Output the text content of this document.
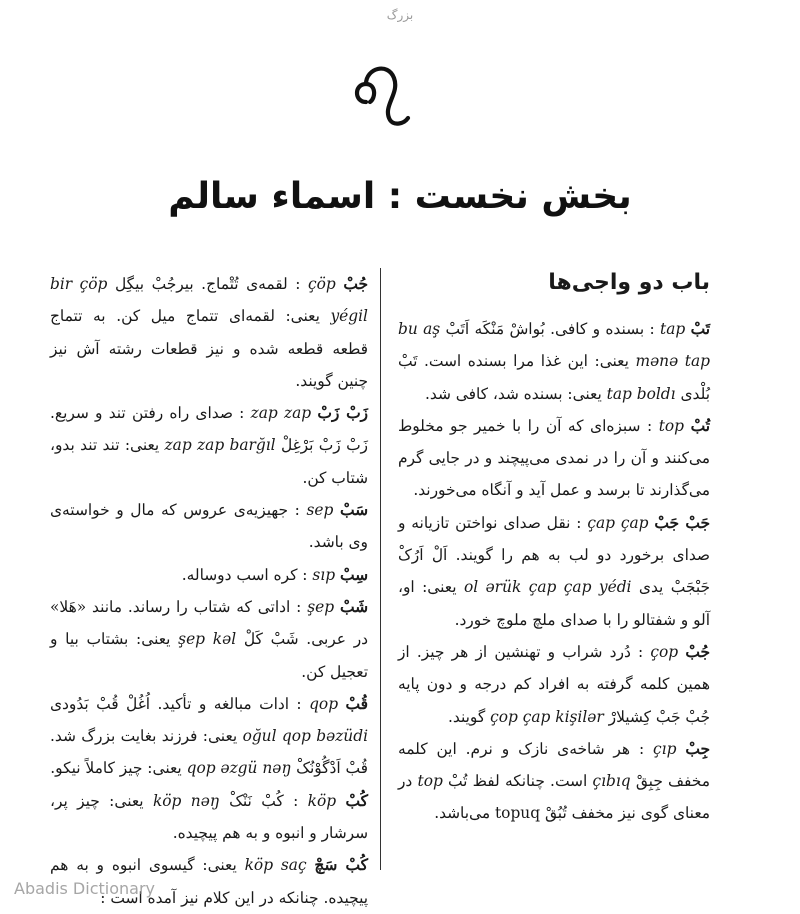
بزرگ
بخش نخست : اسماء سالم
باب دو واجی‌ها

تَبْ tap : بسنده و کافی. بُواشْ مَنْکَه اَتَبْ bu aş mənə tap یعنی: این غذا مرا بسنده است. تَبْ بُلْدی tap boldı یعنی: بسنده شد، کافی شد.

تُبْ top : سبزه‌ای که آن را با خمیر جو مخلوط می‌کنند و آن را در نمدی می‌پیچند و در جایی گرم می‌گذارند تا برسد و عمل آید و آنگاه می‌خورند.

جَبْ جَبْ çap çap : نقل صدای نواختن تازیانه و صدای برخورد دو لب به هم را گویند. اَلْ اَرُکْ جَبْجَبْ یدی ol ərük çap çap yédi یعنی: او، آلو و شفتالو را با صدای ملچ ملوچ خورد.

جُبْ çop : دُرد شراب و تهنشین از هر چیز. از همین کلمه گرفته به افراد کم درجه و دون پایه جُبْ جَبْ کِشیلارْ çop çap kişilər گویند.

جِبْ çıp : هر شاخه‌ی نازک و نرم. این کلمه مخفف جِبِقْ çıbıq است. چنانکه لفظ تُبْ top در معنای گوی نیز مخفف تُبُقْ topuq می‌باشد.

جُبْ çöp : لقمه‌ی تُتْماج. بیرجُبْ بیگِل bir çöp yégil یعنی: لقمه‌ای تتماج میل کن. به تتماج قطعه قطعه شده و نیز قطعات رشته آش نیز چنین گویند.

زَبْ زَبْ zap zap : صدای راه رفتن تند و سریع. زَبْ زَبْ بَرْغِلْ zap zap barğıl یعنی: تند تند بدو، شتاب کن.

سَبْ sep : جهیزیه‌ی عروس که مال و خواسته‌ی وی باشد.

سِبْ sıp : کره اسب دوساله.

شَبْ şep : اداتی که شتاب را رساند. مانند «هَلا» در عربی. شَبْ کَلْ şep kəl یعنی: بشتاب بیا و تعجیل کن.

قُبْ qop : ادات مبالغه و تأکید. اُغُلْ قُبْ بَدُودی oğul qop bəzüdi یعنی: فرزند بغایت بزرگ شد. قُبْ اَدْگُوْنُکْ qop əzgü nəŋ یعنی: چیز کاملاً نیکو.

کُبْ köp : کُبْ نَنْکْ köp nəŋ یعنی: چیز پر، سرشار و انبوه و به هم پیچیده.

کُبْ سَچْ köp saç یعنی: گیسوی انبوه و به هم پیچیده. چنانکه در این کلام نیز آمده است :

Abadis Dictionary
